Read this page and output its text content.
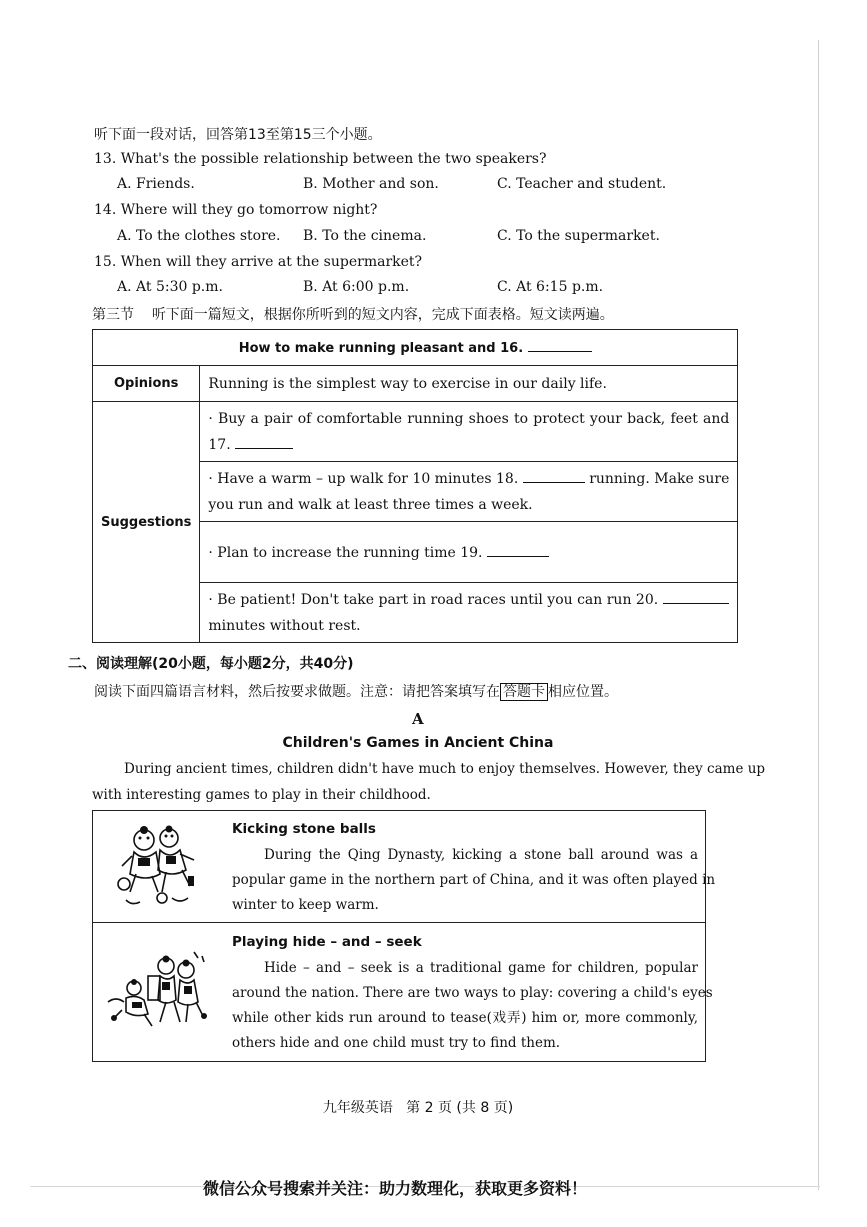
听下面一段对话，回答第13至第15三个小题。
13. What's the possible relationship between the two speakers?
A. Friends.	B. Mother and son.	C. Teacher and student.
14. Where will they go tomorrow night?
A. To the clothes store. B. To the cinema.	C. To the supermarket.
15. When will they arrive at the supermarket?
A. At 5:30 p.m.	B. At 6:00 p.m.	C. At 6:15 p.m.
第三节 听下面一篇短文，根据你所听到的短文内容，完成下面表格。短文读两遍。
How to make running pleasant and 16.	
Opinions	Running is the simplest way to exercise in our daily life.
Suggestions	· Buy a pair of comfortable running shoes to protect your back, feet and
17.

	· Have a warm – up walk for 10 minutes 18. running. Make sure
you run and walk at least three times a week.

	· Plan to increase the running time 19.

	· Be patient! Don't take part in road races until you can run 20.
minutes without rest.
二、阅读理解(20小题，每小题2分，共40分)
阅读下面四篇语言材料，然后按要求做题。注意：请把答案填写在 答题卡 相应位置。
A
Children's Games in Ancient China
During ancient times, children didn't have much to enjoy themselves. However, they came up
with interesting games to play in their childhood.
Kicking stone balls
During the Qing Dynasty, kicking a stone ball around was a
popular game in the northern part of China, and it was often played in
winter to keep warm.
Playing hide – and – seek
Hide – and – seek is a traditional game for children, popular
around the nation. There are two ways to play: covering a child's eyes
while other kids run around to tease(戏弄) him or, more commonly,
others hide and one child must try to find them.
九年级英语   第 2 页 (共 8 页)
微信公众号搜索并关注：助力数理化，获取更多资料！
